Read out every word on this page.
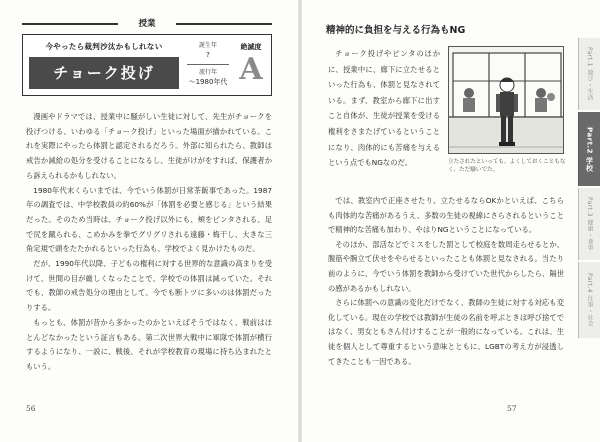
授業
今やったら裁判沙汰かもしれない
チョーク投げ
誕生年
?
流行年
〜1980年代
絶滅度
A

漫画やドラマでは、授業中に騒がしい生徒に対して、先生がチョークを投げつける、いわゆる「チョーク投げ」といった場面が描かれている。これを実際にやったら体罰と認定されるだろう。外部に知られたら、教師は戒告か減給の処分を受けることになるし、生徒がけがをすれば、保護者から訴えられるかもしれない。

1980年代末くらいまでは、今でいう体罰が日常茶飯事であった。1987年の調査では、中学校教員の約60%が「体罰を必要と感じる」という結果だった。そのため当時は、チョーク投げ以外にも、頬をピンタされる、足で尻を蹴られる、こめかみを拳でグリグリされる遠藤・梅干し、大きな三角定規で頭をたたかれるといった行為も、学校でよく見かけたものだ。

だが、1990年代以降、子どもの権利に対する世界的な意識の高まりを受けて、世間の目が厳しくなったことで、学校での体罰は減っていた。それでも、教師の戒告処分の理由として、今でも断トツに多いのは体罰だったりする。

もっとも、体罰が昔から多かったのかといえばそうではなく、戦前はほとんどなかったという証言もある。第二次世界大戦中に軍隊で体罰が横行するようになり、一説に、戦後、それが学校教育の現場に持ち込まれたともいう。

56
精神的に負担を与える行為もNG

チョーク投げやピンタのほかに、授業中に、廊下に立たせるといった行為も、体罰と見なされている。まず、教室から廊下に出すこと自体が、生徒が授業を受ける権利をさまたげているということになり、肉体的にも苦痛を与えるという点でもNGなのだ。	立たされたといっても、よくしておくこともなく、ただ騒いでた。

では、教室内で正座させたり、立たせるならOKかといえば、こちらも肉体的な苦痛があるうえ、多数の生徒の視線にさらされるということで精神的な苦痛も加わり、やはりNGということになっている。

そのほか、部活などでミスをした罰として校庭を数周走らせるとか、腹筋や腕立て伏せをやらせるといったことも体罰と見なされる。当たり前のように、今でいう体罰を教師から受けていた世代からしたら、隔世の感があるかもしれない。

さらに体罰への意識の変化だけでなく、教師の生徒に対する対応も変化している。現在の学校では教師が生徒の名前を呼ぶときは呼び捨てではなく、男女ともさん付けすることが一般的になっている。これは、生徒を個人として尊重するという意味とともに、LGBTの考え方が浸透してきたことも一因である。

57
Part.1 遊び・生活
Part.2 学校
Part.3 健康・食事
Part.4 仕事・社会
